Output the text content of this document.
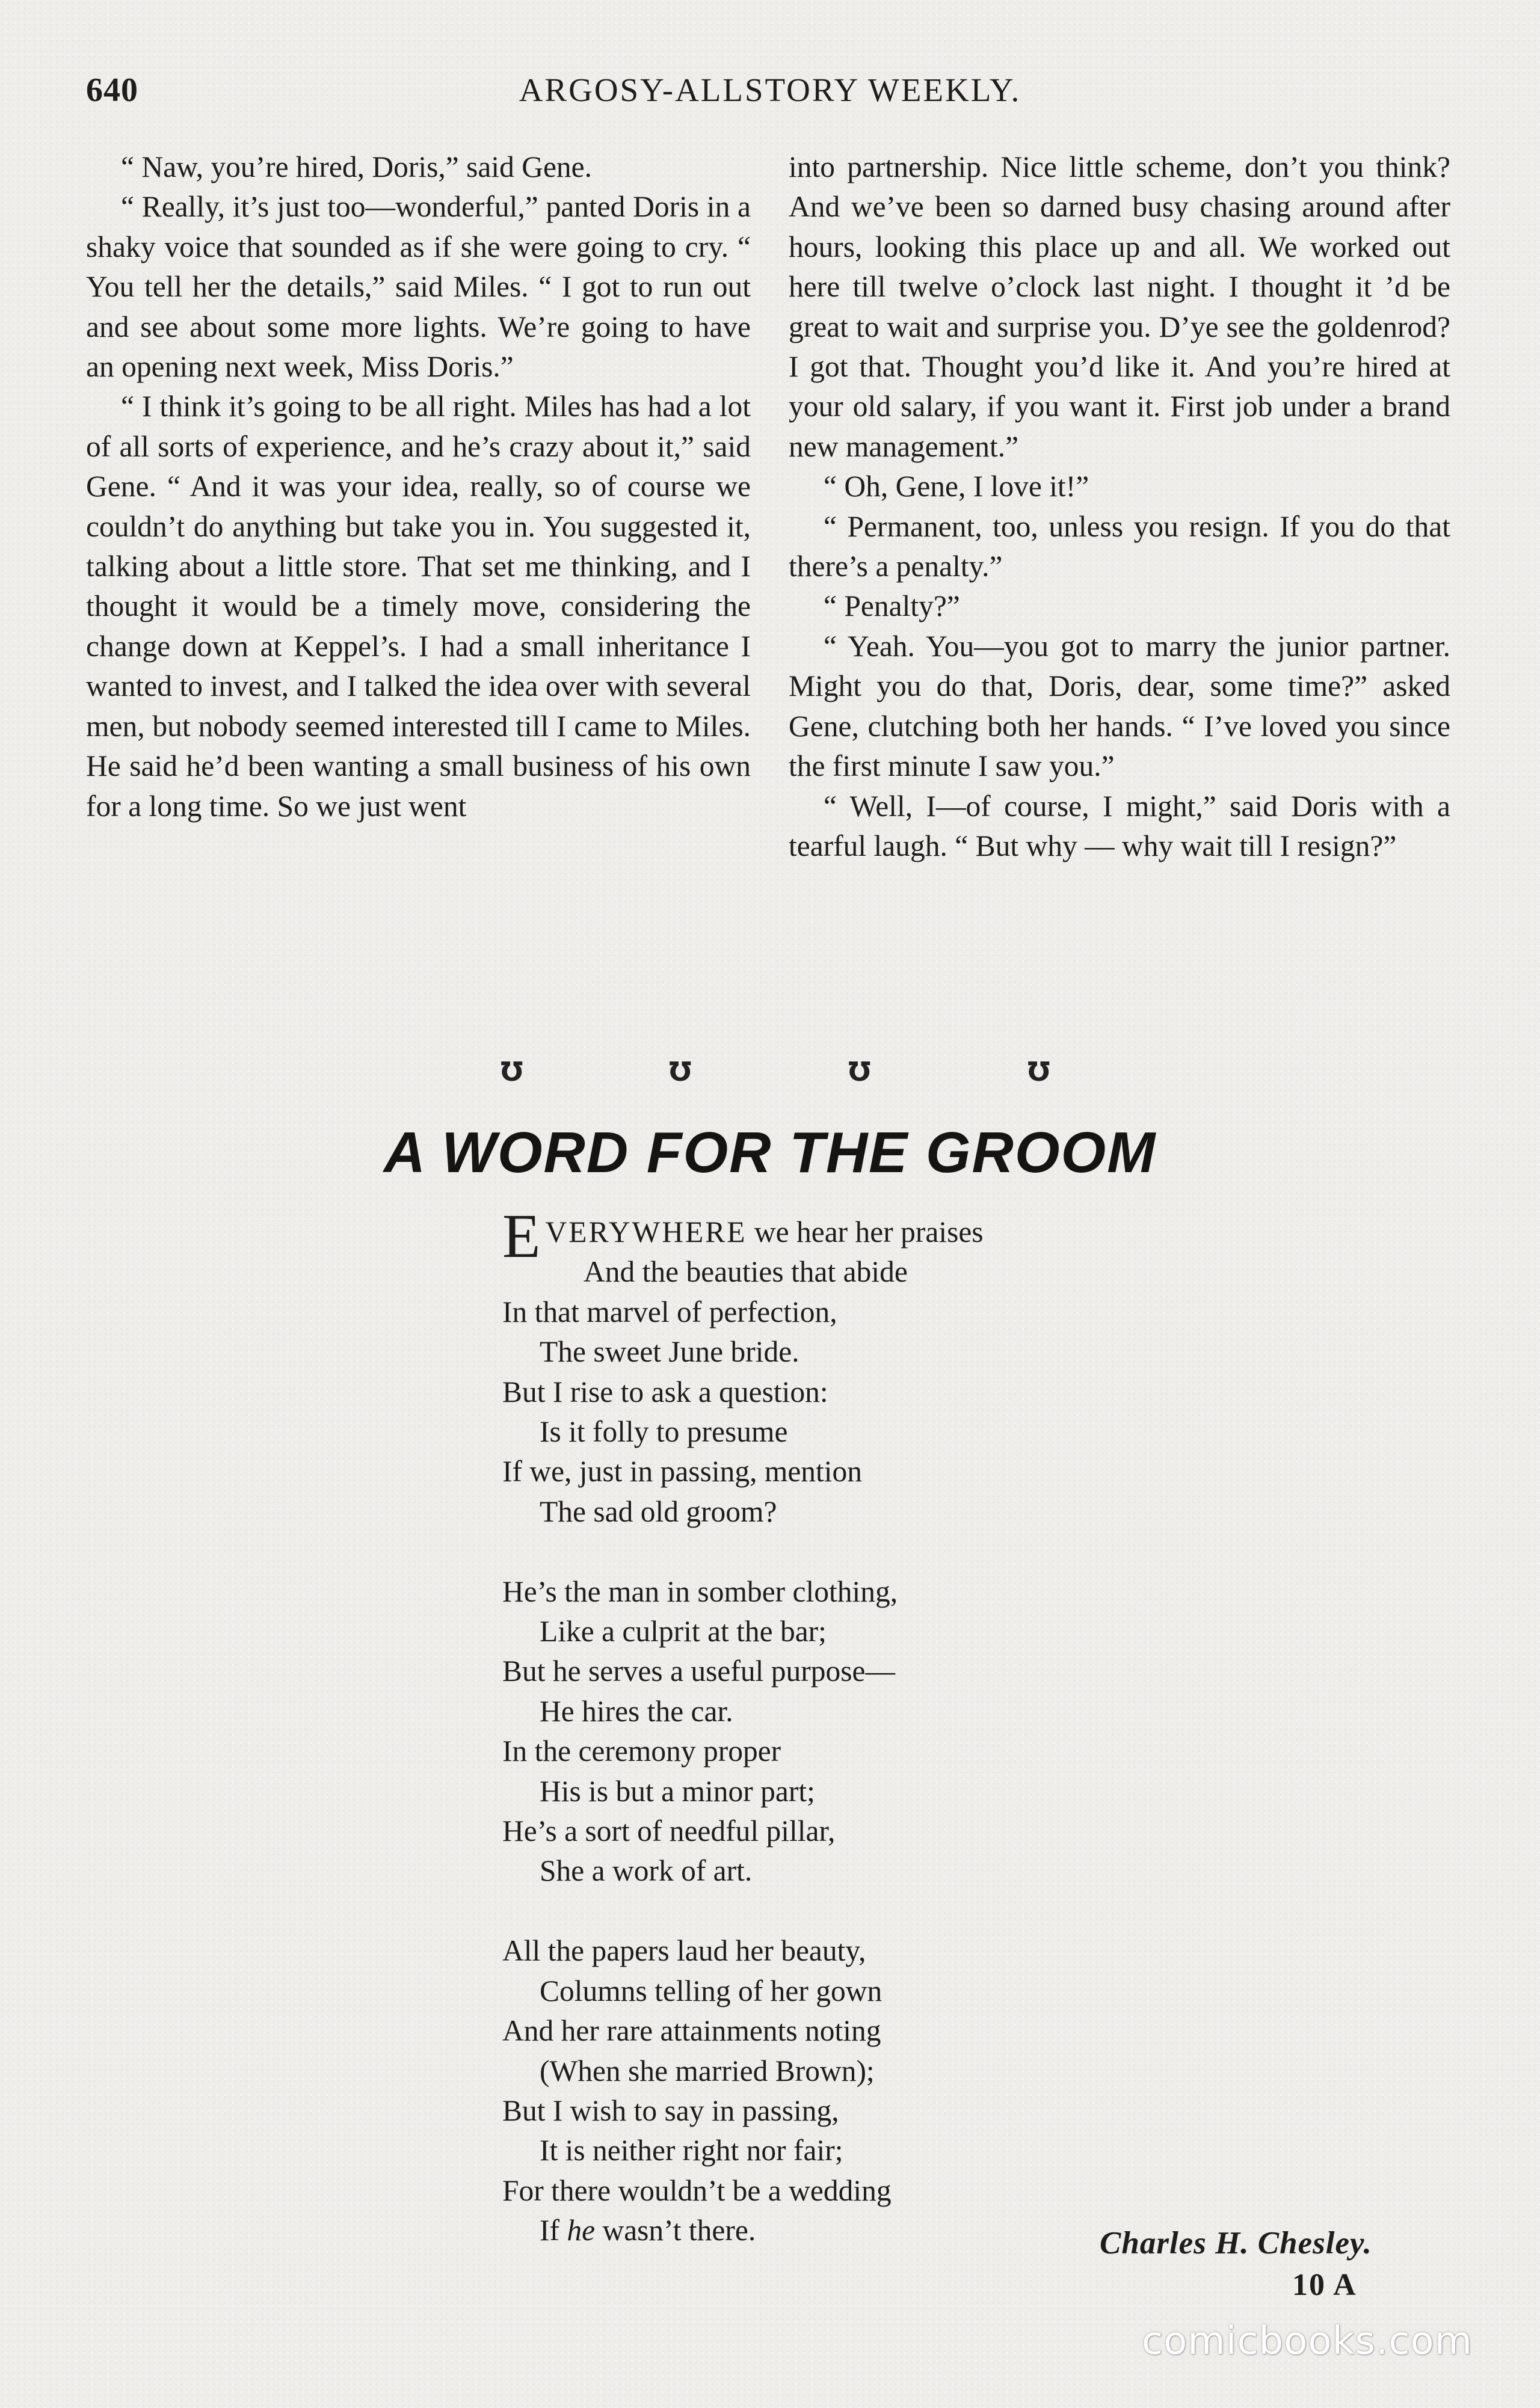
640	ARGOSY-ALLSTORY WEEKLY.

“ Naw, you’re hired, Doris,” said Gene.

“ Really, it’s just too—wonderful,” panted Doris in a shaky voice that sounded as if she were going to cry. “ You tell her the details,” said Miles. “ I got to run out and see about some more lights. We’re going to have an opening next week, Miss Doris.”

“ I think it’s going to be all right. Miles has had a lot of all sorts of experience, and he’s crazy about it,” said Gene. “ And it was your idea, really, so of course we couldn’t do anything but take you in. You suggested it, talking about a little store. That set me thinking, and I thought it would be a timely move, considering the change down at Keppel’s. I had a small inheritance I wanted to invest, and I talked the idea over with several men, but nobody seemed interested till I came to Miles. He said he’d been wanting a small business of his own for a long time. So we just went

into partnership. Nice little scheme, don’t you think? And we’ve been so darned busy chasing around after hours, looking this place up and all. We worked out here till twelve o’clock last night. I thought it ’d be great to wait and surprise you. D’ye see the goldenrod? I got that. Thought you’d like it. And you’re hired at your old salary, if you want it. First job under a brand new management.”

“ Oh, Gene, I love it!”

“ Permanent, too, unless you resign. If you do that there’s a penalty.”

“ Penalty?”

“ Yeah. You—you got to marry the junior partner. Might you do that, Doris, dear, some time?” asked Gene, clutching both her hands. “ I’ve loved you since the first minute I saw you.”

“ Well, I—of course, I might,” said Doris with a tearful laugh. “ But why — why wait till I resign?”

℧	℧	℧	℧
A WORD FOR THE GROOM
EVERYWHERE we hear her praises
And the beauties that abide
In that marvel of perfection,
The sweet June bride.
But I rise to ask a question:
Is it folly to presume
If we, just in passing, mention
The sad old groom?
He’s the man in somber clothing,
Like a culprit at the bar;
But he serves a useful purpose—
He hires the car.
In the ceremony proper
His is but a minor part;
He’s a sort of needful pillar,
She a work of art.
All the papers laud her beauty,
Columns telling of her gown
And her rare attainments noting
(When she married Brown);
But I wish to say in passing,
It is neither right nor fair;
For there wouldn’t be a wedding
If he wasn’t there.	Charles H. Chesley.
10 A
comicbooks.com
